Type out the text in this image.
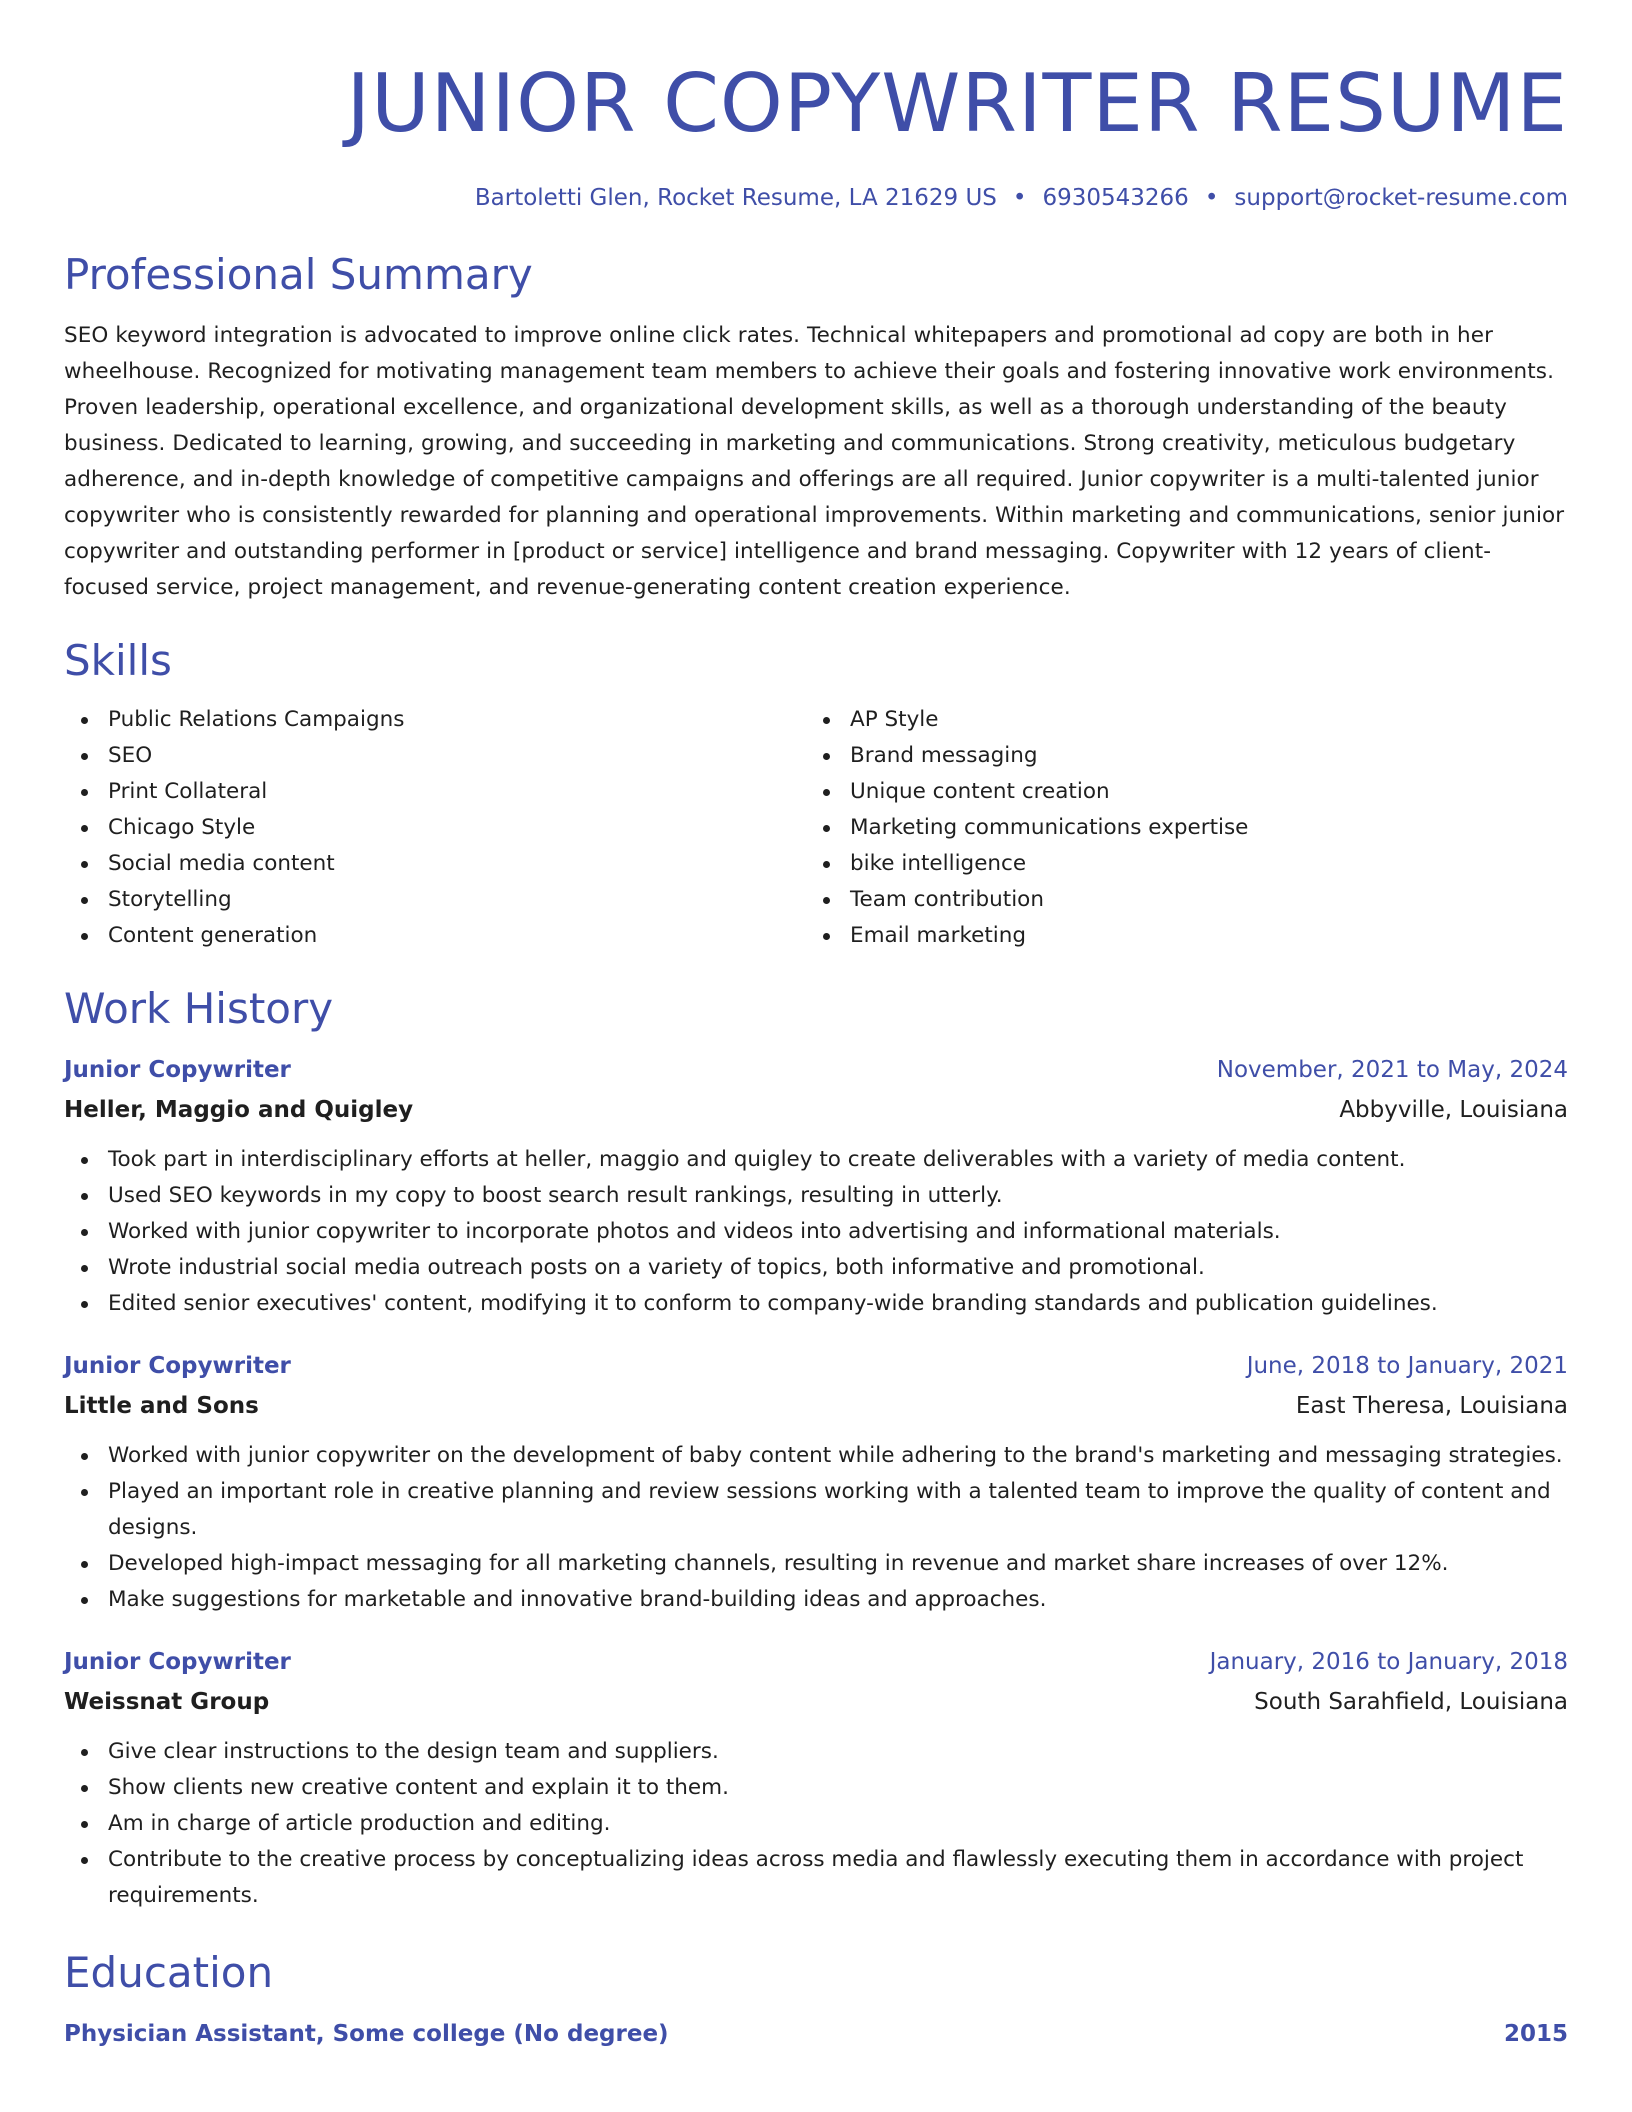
JUNIOR COPYWRITER RESUME
Bartoletti Glen, Rocket Resume, LA 21629 US • 6930543266 • support@rocket-resume.com
Professional Summary

SEO keyword integration is advocated to improve online click rates. Technical whitepapers and promotional ad copy are both in her wheelhouse. Recognized for motivating management team members to achieve their goals and fostering innovative work environments. Proven leadership, operational excellence, and organizational development skills, as well as a thorough understanding of the beauty business. Dedicated to learning, growing, and succeeding in marketing and communications. Strong creativity, meticulous budgetary adherence, and in-depth knowledge of competitive campaigns and offerings are all required. Junior copywriter is a multi-talented junior copywriter who is consistently rewarded for planning and operational improvements. Within marketing and communications, senior junior copywriter and outstanding performer in [product or service] intelligence and brand messaging. Copywriter with 12 years of client-focused service, project management, and revenue-generating content creation experience.

Skills
Public Relations Campaigns
SEO
Print Collateral
Chicago Style
Social media content
Storytelling
Content generation
AP Style
Brand messaging
Unique content creation
Marketing communications expertise
bike intelligence
Team contribution
Email marketing
Work History
Junior Copywriter	November, 2021 to May, 2024
Heller, Maggio and Quigley	Abbyville, Louisiana
Took part in interdisciplinary efforts at heller, maggio and quigley to create deliverables with a variety of media content.
Used SEO keywords in my copy to boost search result rankings, resulting in utterly.
Worked with junior copywriter to incorporate photos and videos into advertising and informational materials.
Wrote industrial social media outreach posts on a variety of topics, both informative and promotional.
Edited senior executives' content, modifying it to conform to company-wide branding standards and publication guidelines.
Junior Copywriter	June, 2018 to January, 2021
Little and Sons	East Theresa, Louisiana
Worked with junior copywriter on the development of baby content while adhering to the brand's marketing and messaging strategies.
Played an important role in creative planning and review sessions working with a talented team to improve the quality of content and designs.
Developed high-impact messaging for all marketing channels, resulting in revenue and market share increases of over 12%.
Make suggestions for marketable and innovative brand-building ideas and approaches.
Junior Copywriter	January, 2016 to January, 2018
Weissnat Group	South Sarahfield, Louisiana
Give clear instructions to the design team and suppliers.
Show clients new creative content and explain it to them.
Am in charge of article production and editing.
Contribute to the creative process by conceptualizing ideas across media and flawlessly executing them in accordance with project requirements.
Education
Physician Assistant, Some college (No degree)	2015
